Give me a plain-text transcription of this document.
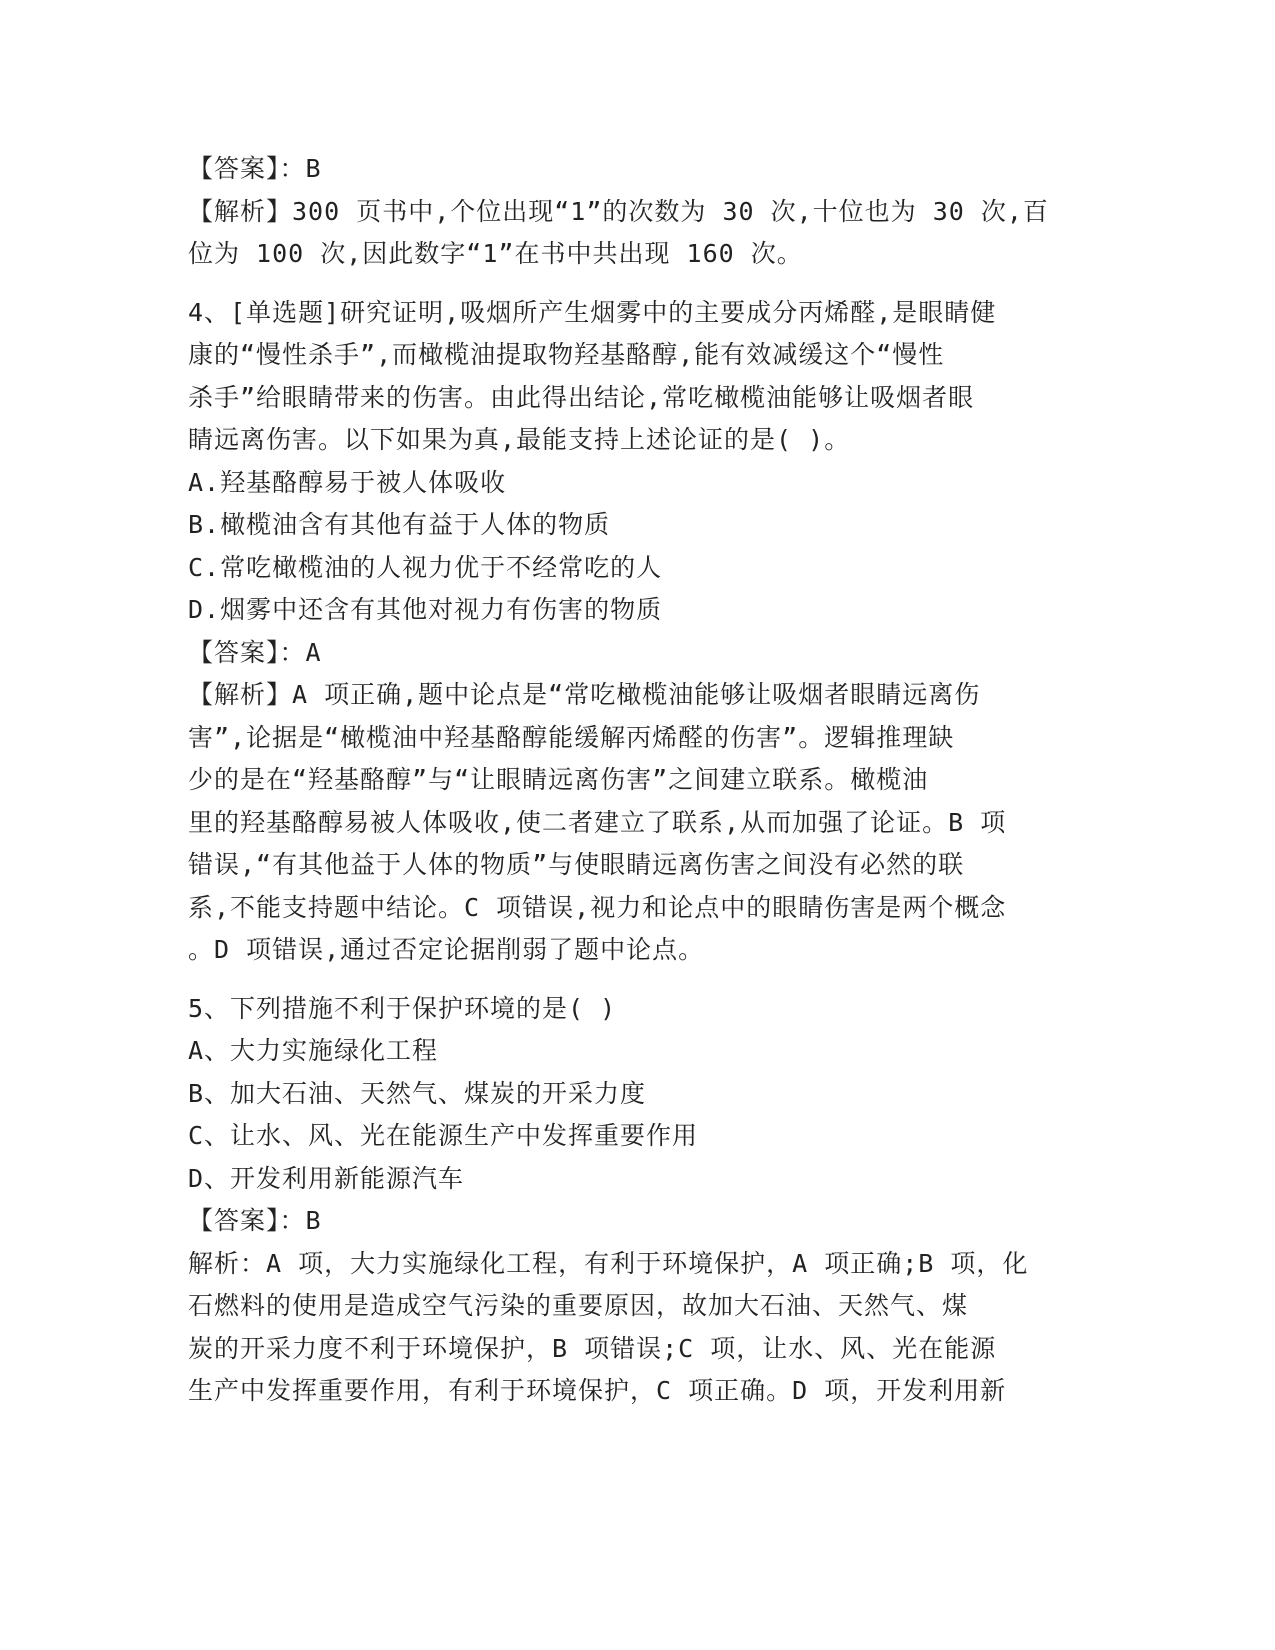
【答案】：B
【解析】300 页书中,个位出现“1”的次数为 30 次,十位也为 30 次,百
位为 100 次,因此数字“1”在书中共出现 160 次。
4、[单选题]研究证明,吸烟所产生烟雾中的主要成分丙烯醛,是眼睛健
康的“慢性杀手”,而橄榄油提取物羟基酪醇,能有效减缓这个“慢性
杀手”给眼睛带来的伤害。由此得出结论,常吃橄榄油能够让吸烟者眼
睛远离伤害。以下如果为真,最能支持上述论证的是( )。
A.羟基酪醇易于被人体吸收
B.橄榄油含有其他有益于人体的物质
C.常吃橄榄油的人视力优于不经常吃的人
D.烟雾中还含有其他对视力有伤害的物质
【答案】：A
【解析】A 项正确,题中论点是“常吃橄榄油能够让吸烟者眼睛远离伤
害”,论据是“橄榄油中羟基酪醇能缓解丙烯醛的伤害”。逻辑推理缺
少的是在“羟基酪醇”与“让眼睛远离伤害”之间建立联系。橄榄油
里的羟基酪醇易被人体吸收,使二者建立了联系,从而加强了论证。B 项
错误,“有其他益于人体的物质”与使眼睛远离伤害之间没有必然的联
系,不能支持题中结论。C 项错误,视力和论点中的眼睛伤害是两个概念
。D 项错误,通过否定论据削弱了题中论点。
5、下列措施不利于保护环境的是( )
A、大力实施绿化工程
B、加大石油、天然气、煤炭的开采力度
C、让水、风、光在能源生产中发挥重要作用
D、开发利用新能源汽车
【答案】：B
解析：A 项，大力实施绿化工程，有利于环境保护，A 项正确;B 项，化
石燃料的使用是造成空气污染的重要原因，故加大石油、天然气、煤
炭的开采力度不利于环境保护，B 项错误;C 项，让水、风、光在能源
生产中发挥重要作用，有利于环境保护，C 项正确。D 项，开发利用新
